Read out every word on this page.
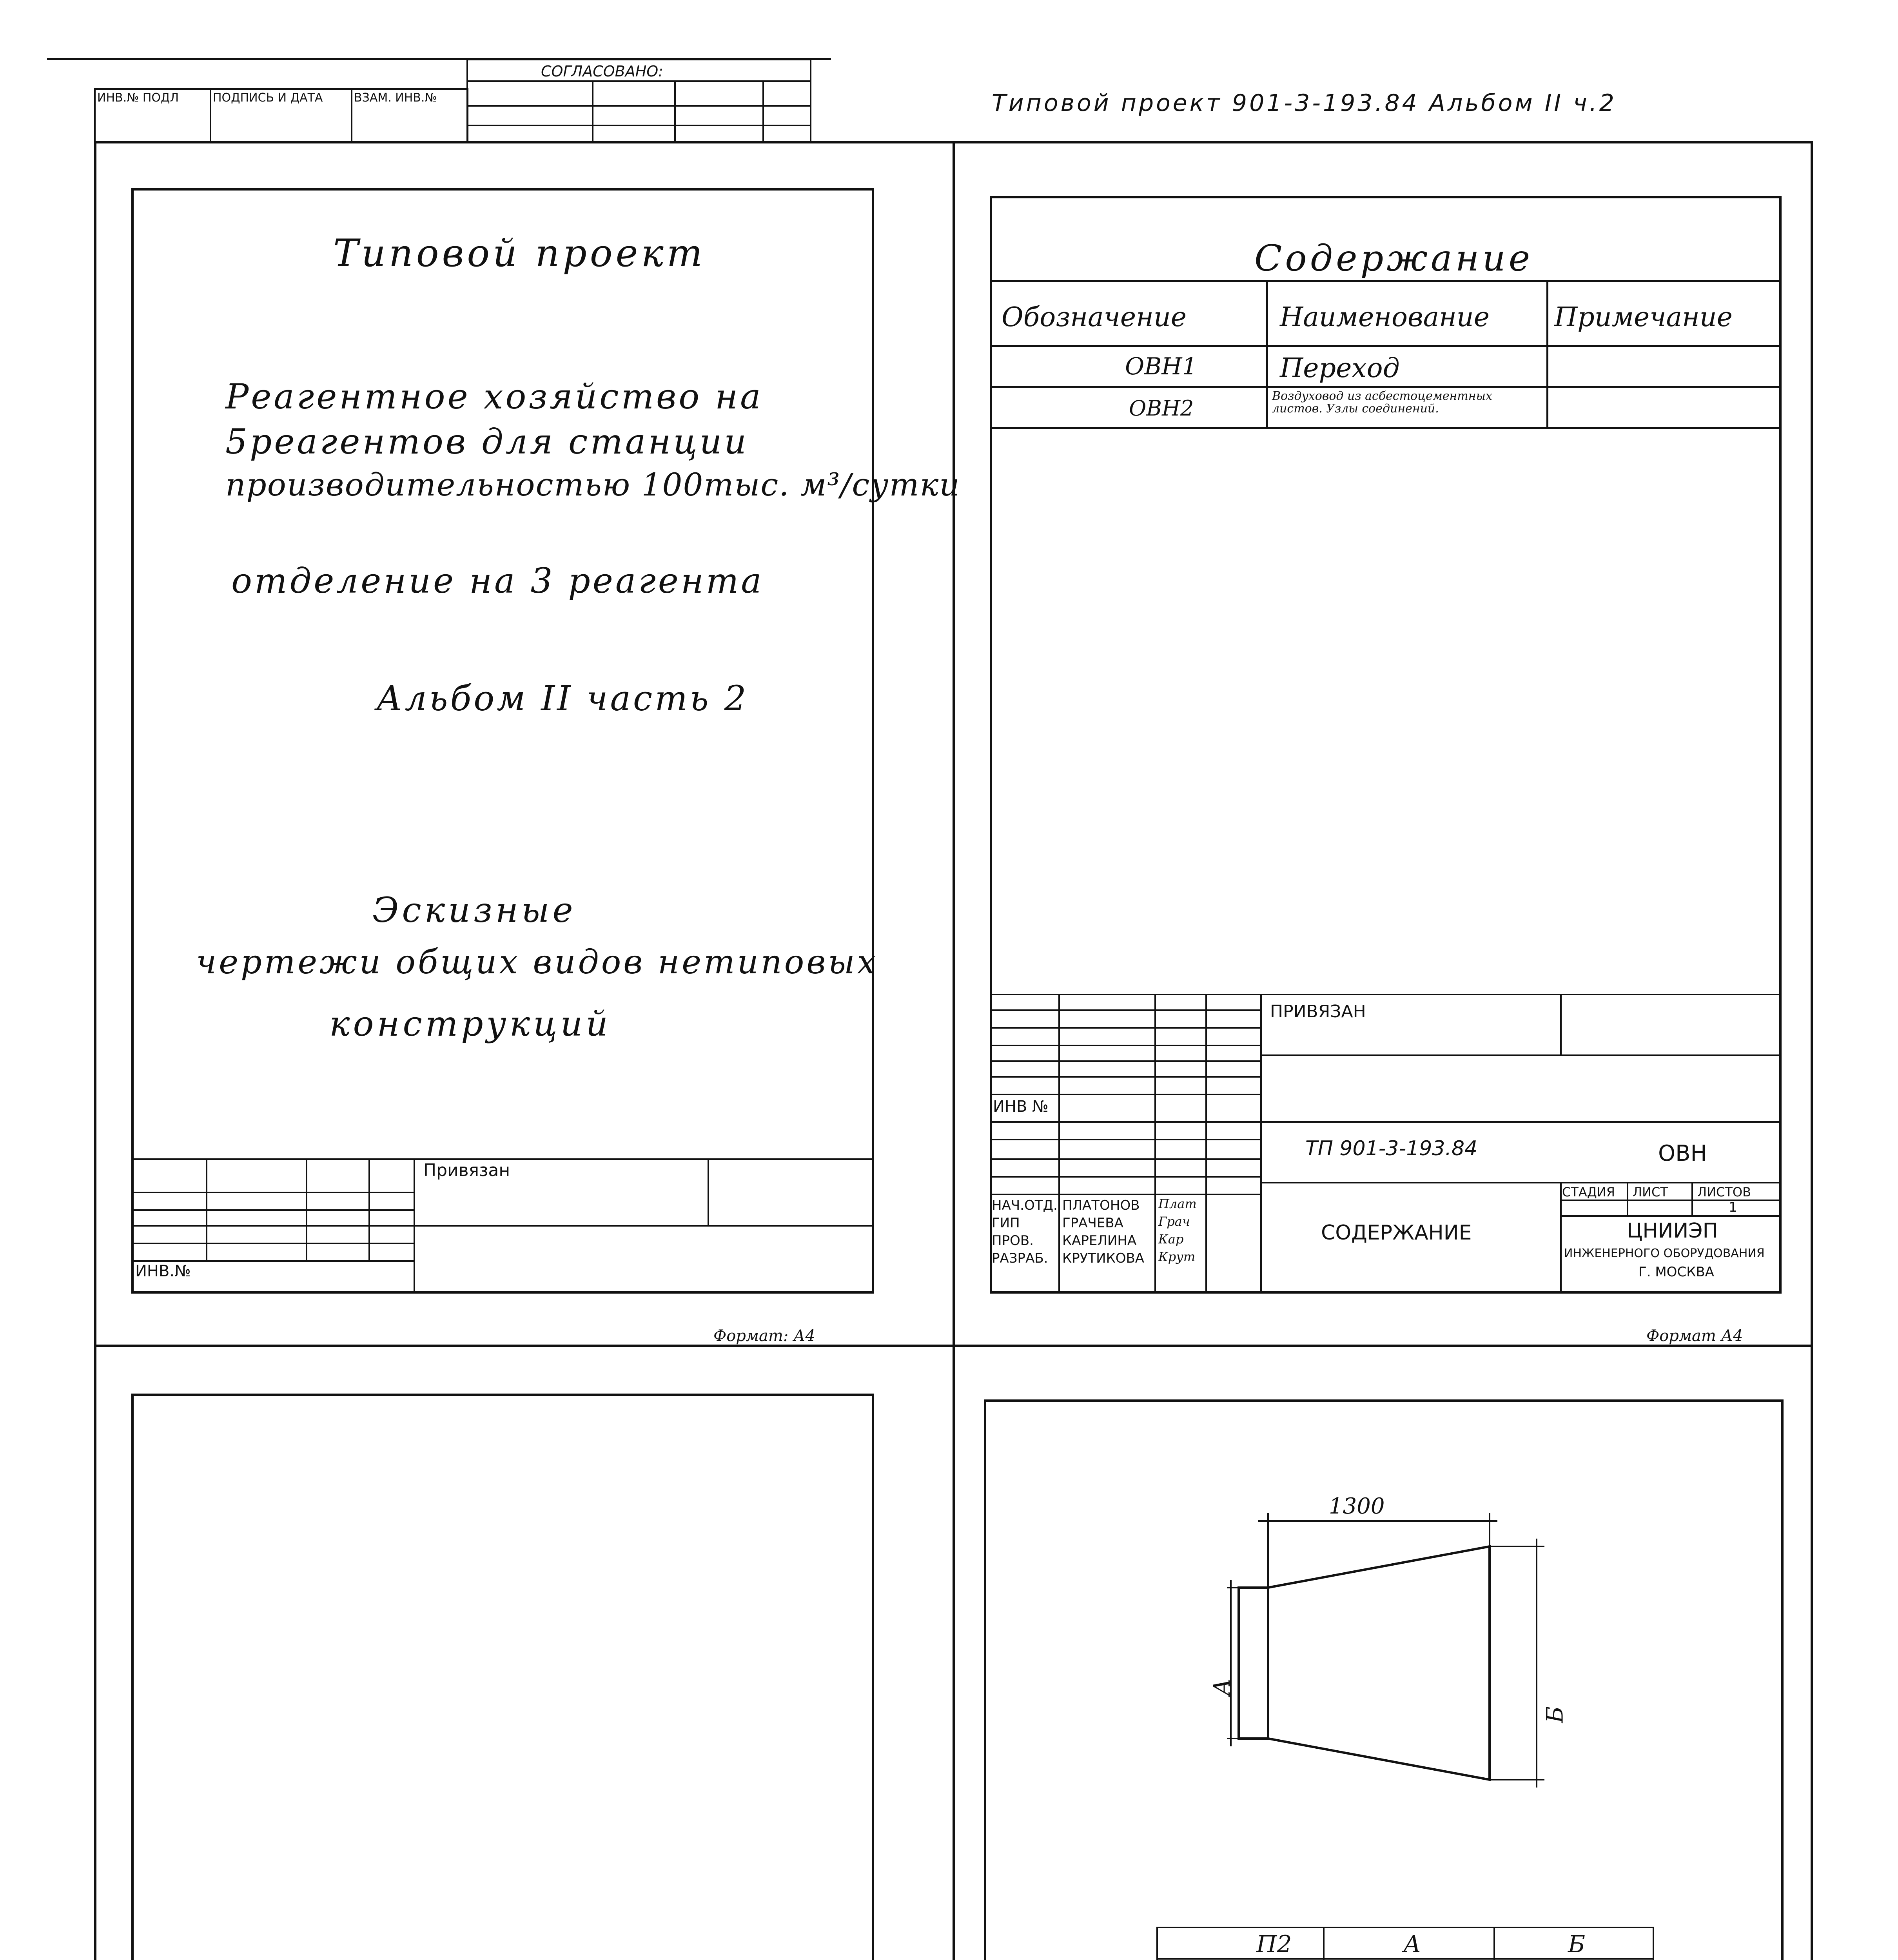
СОГЛАСОВАНО:
ИНВ.№ ПОДЛ	ПОДПИСЬ И ДАТА	ВЗАМ. ИНВ.№	Типовой проект 901-3-193.84 Альбом II ч.2
Типовой проект
Реагентное хозяйство на
5реагентов для станции
производительностью 100тыс. м³/сутки
отделение на 3 реагента
Альбом II часть 2
Эскизные
чертежи общих видов нетиповых
конструкций
Привязан
ИНВ.№
Формат: А4
Содержание
Обозначение	Наименование Примечание
ОВН1	Переход
ОВН2	Воздуховод из асбестоцементных листов. Узлы соединений.
ПРИВЯЗАН
ИНВ №
ТП 901-3-193.84	ОВН
НАЧ.ОТД. ПЛАТОНОВ Плат
ГИП	ГРАЧЕВА	Грач
ПРОВ. КАРЕЛИНА Кар
РАЗРАБ. КРУТИКОВА Крут
СОДЕРЖАНИЕ
СТАДИЯ ЛИСТ ЛИСТОВ
1
ЦНИИЭП
ИНЖЕНЕРНОГО ОБОРУДОВАНИЯ
Г. МОСКВА
Формат А4
1300
А
Б
П2	А	Б
